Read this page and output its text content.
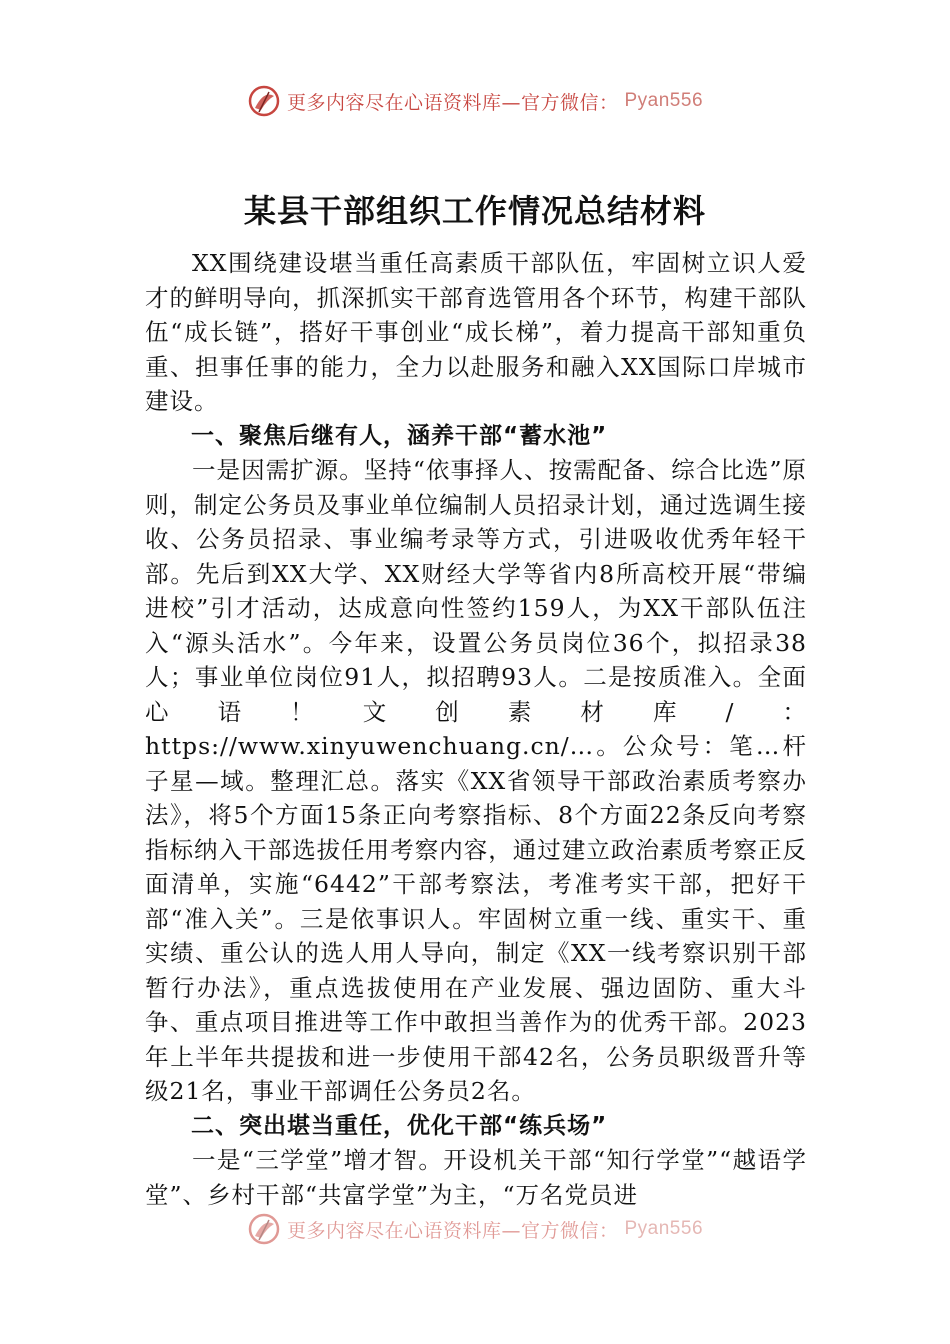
更多内容尽在心语资料库—官方微信： Pyan556
某县干部组织工作情况总结材料

XX围绕建设堪当重任高素质干部队伍，牢固树立识人爱才的鲜明导向，抓深抓实干部育选管用各个环节，构建干部队伍“成长链”，搭好干事创业“成长梯”，着力提高干部知重负重、担事任事的能力，全力以赴服务和融入XX国际口岸城市建设。

一、聚焦后继有人，涵养干部“蓄水池”

一是因需扩源。坚持“依事择人、按需配备、综合比选”原则，制定公务员及事业单位编制人员招录计划，通过选调生接收、公务员招录、事业编考录等方式，引进吸收优秀年轻干部。先后到XX大学、XX财经大学等省内8所高校开展“带编进校”引才活动，达成意向性签约159人，为XX干部队伍注入“源头活水”。今年来，设置公务员岗位36个，拟招录38人；事业单位岗位91人，拟招聘93人。二是按质准入。全面心语！文创素材库/：https://www.xinyuwenchuang.cn/…。公众号：笔…杆子星—域。整理汇总。落实《XX省领导干部政治素质考察办法》，将5个方面15条正向考察指标、8个方面22条反向考察指标纳入干部选拔任用考察内容，通过建立政治素质考察正反面清单，实施“6442”干部考察法，考准考实干部，把好干部“准入关”。三是依事识人。牢固树立重一线、重实干、重实绩、重公认的选人用人导向，制定《XX一线考察识别干部暂行办法》，重点选拔使用在产业发展、强边固防、重大斗争、重点项目推进等工作中敢担当善作为的优秀干部。2023年上半年共提拔和进一步使用干部42名，公务员职级晋升等级21名，事业干部调任公务员2名。

二、突出堪当重任，优化干部“练兵场”

一是“三学堂”增才智。开设机关干部“知行学堂”“越语学堂”、乡村干部“共富学堂”为主，“万名党员进

更多内容尽在心语资料库—官方微信： Pyan556
